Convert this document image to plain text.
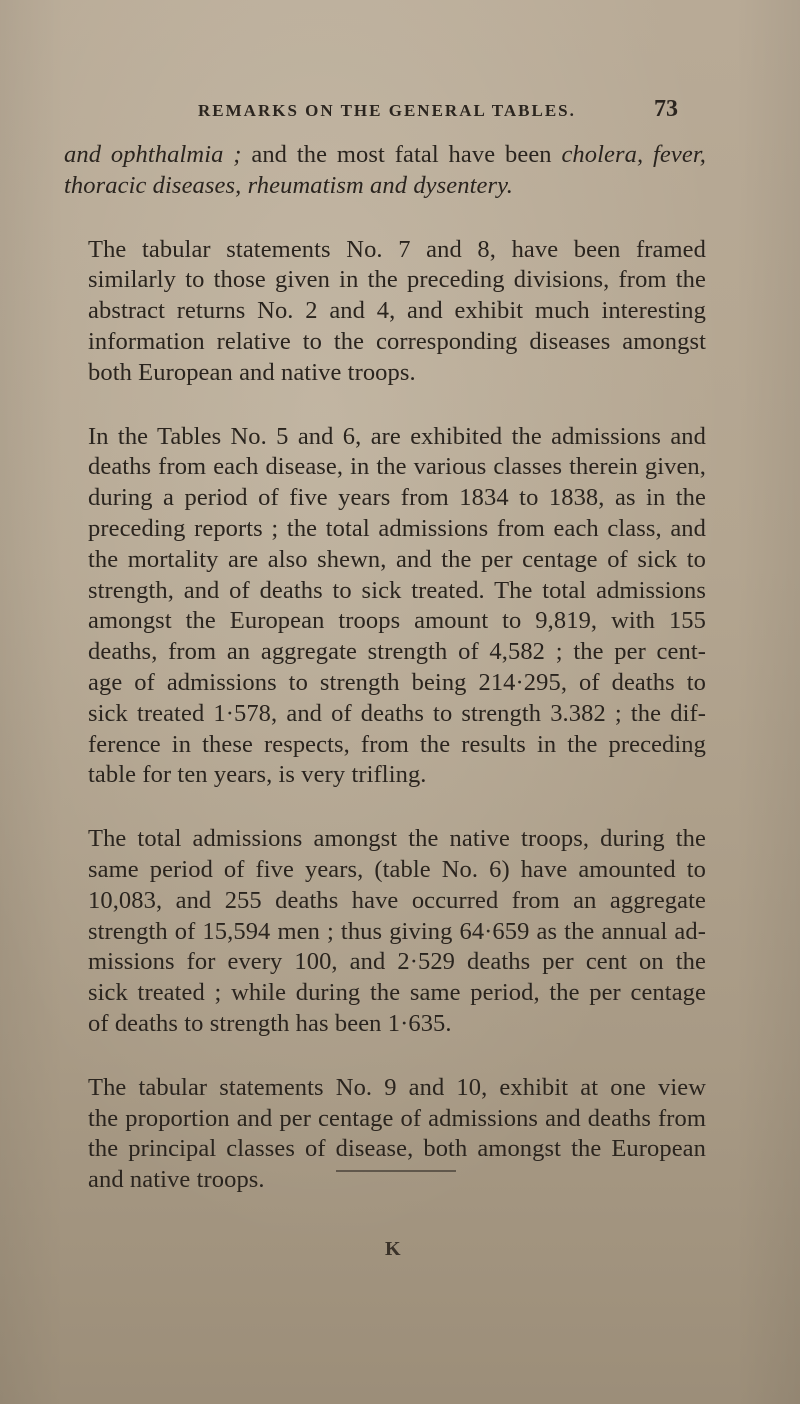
REMARKS ON THE GENERAL TABLES.	73
and ophthalmia ; and the most fatal have been cholera, fever,
thoracic diseases, rheumatism and dysentery.
The tabular statements No. 7 and 8, have been framed
similarly to those given in the preceding divisions, from the
abstract returns No. 2 and 4, and exhibit much interesting
information relative to the corresponding diseases amongst
both European and native troops.
In the Tables No. 5 and 6, are exhibited the admissions and
deaths from each disease, in the various classes therein given,
during a period of five years from 1834 to 1838, as in the
preceding reports ; the total admissions from each class, and
the mortality are also shewn, and the per centage of sick to
strength, and of deaths to sick treated. The total admissions
amongst the European troops amount to 9,819, with 155
deaths, from an aggregate strength of 4,582 ; the per cent-
age of admissions to strength being 214·295, of deaths to
sick treated 1·578, and of deaths to strength 3.382 ; the dif-
ference in these respects, from the results in the preceding
table for ten years, is very trifling.
The total admissions amongst the native troops, during the
same period of five years, (table No. 6) have amounted to
10,083, and 255 deaths have occurred from an aggregate
strength of 15,594 men ; thus giving 64·659 as the annual ad-
missions for every 100, and 2·529 deaths per cent on the
sick treated ; while during the same period, the per centage
of deaths to strength has been 1·635.
The tabular statements No. 9 and 10, exhibit at one view
the proportion and per centage of admissions and deaths from
the principal classes of disease, both amongst the European
and native troops.
K
